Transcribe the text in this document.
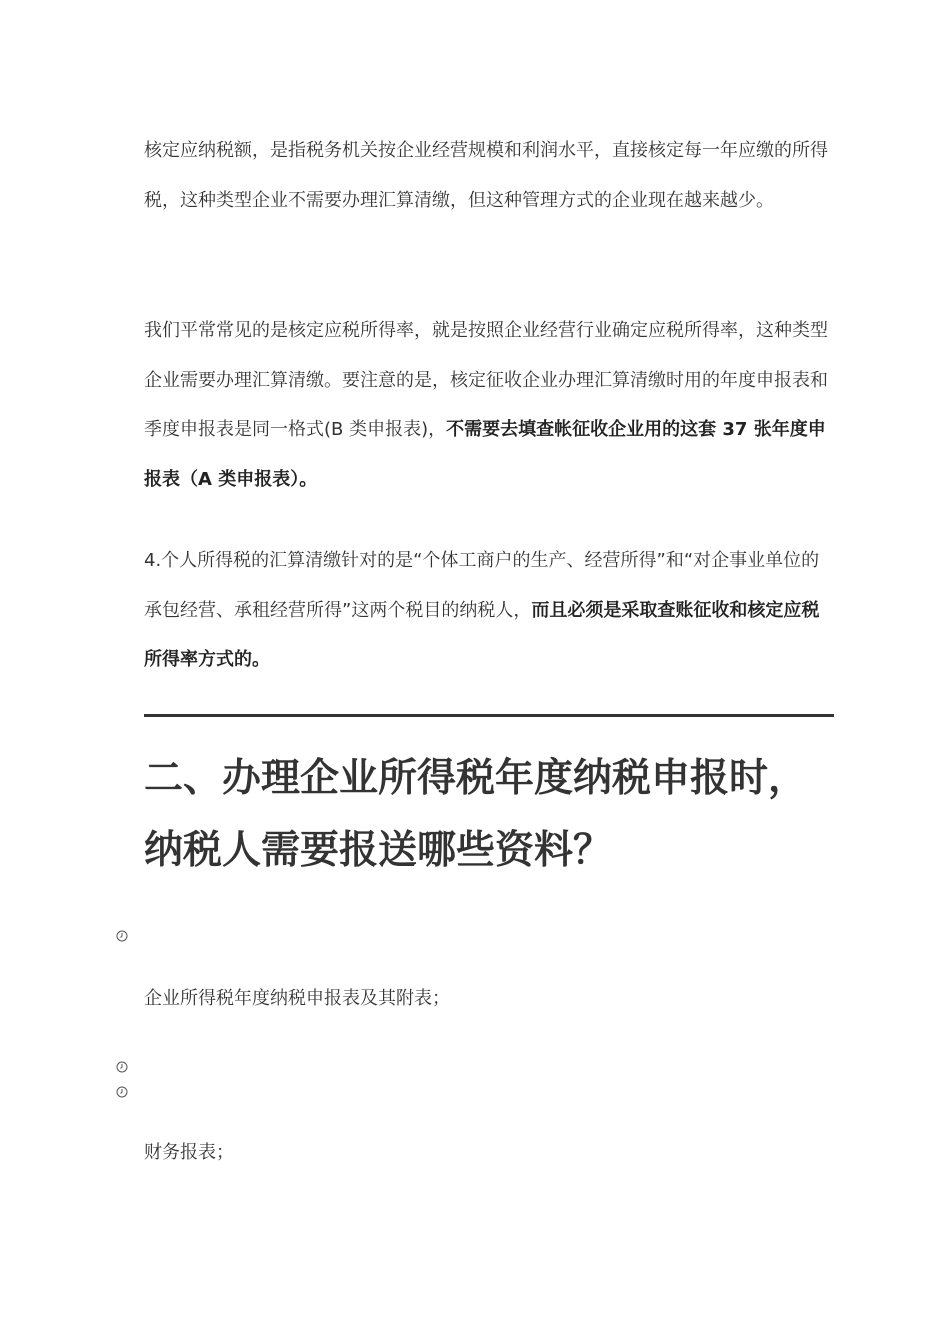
核定应纳税额，是指税务机关按企业经营规模和利润水平，直接核定每一年应缴的所得税，这种类型企业不需要办理汇算清缴，但这种管理方式的企业现在越来越少。

我们平常常见的是核定应税所得率，就是按照企业经营行业确定应税所得率，这种类型企业需要办理汇算清缴。要注意的是，核定征收企业办理汇算清缴时用的年度申报表和季度申报表是同一格式(B 类申报表)，不需要去填查帐征收企业用的这套 37 张年度申报表（A 类申报表）。

4.个人所得税的汇算清缴针对的是“个体工商户的生产、经营所得”和“对企事业单位的承包经营、承租经营所得”这两个税目的纳税人，而且必须是采取查账征收和核定应税所得率方式的。

二、办理企业所得税年度纳税申报时，纳税人需要报送哪些资料？

企业所得税年度纳税申报表及其附表；

财务报表；
